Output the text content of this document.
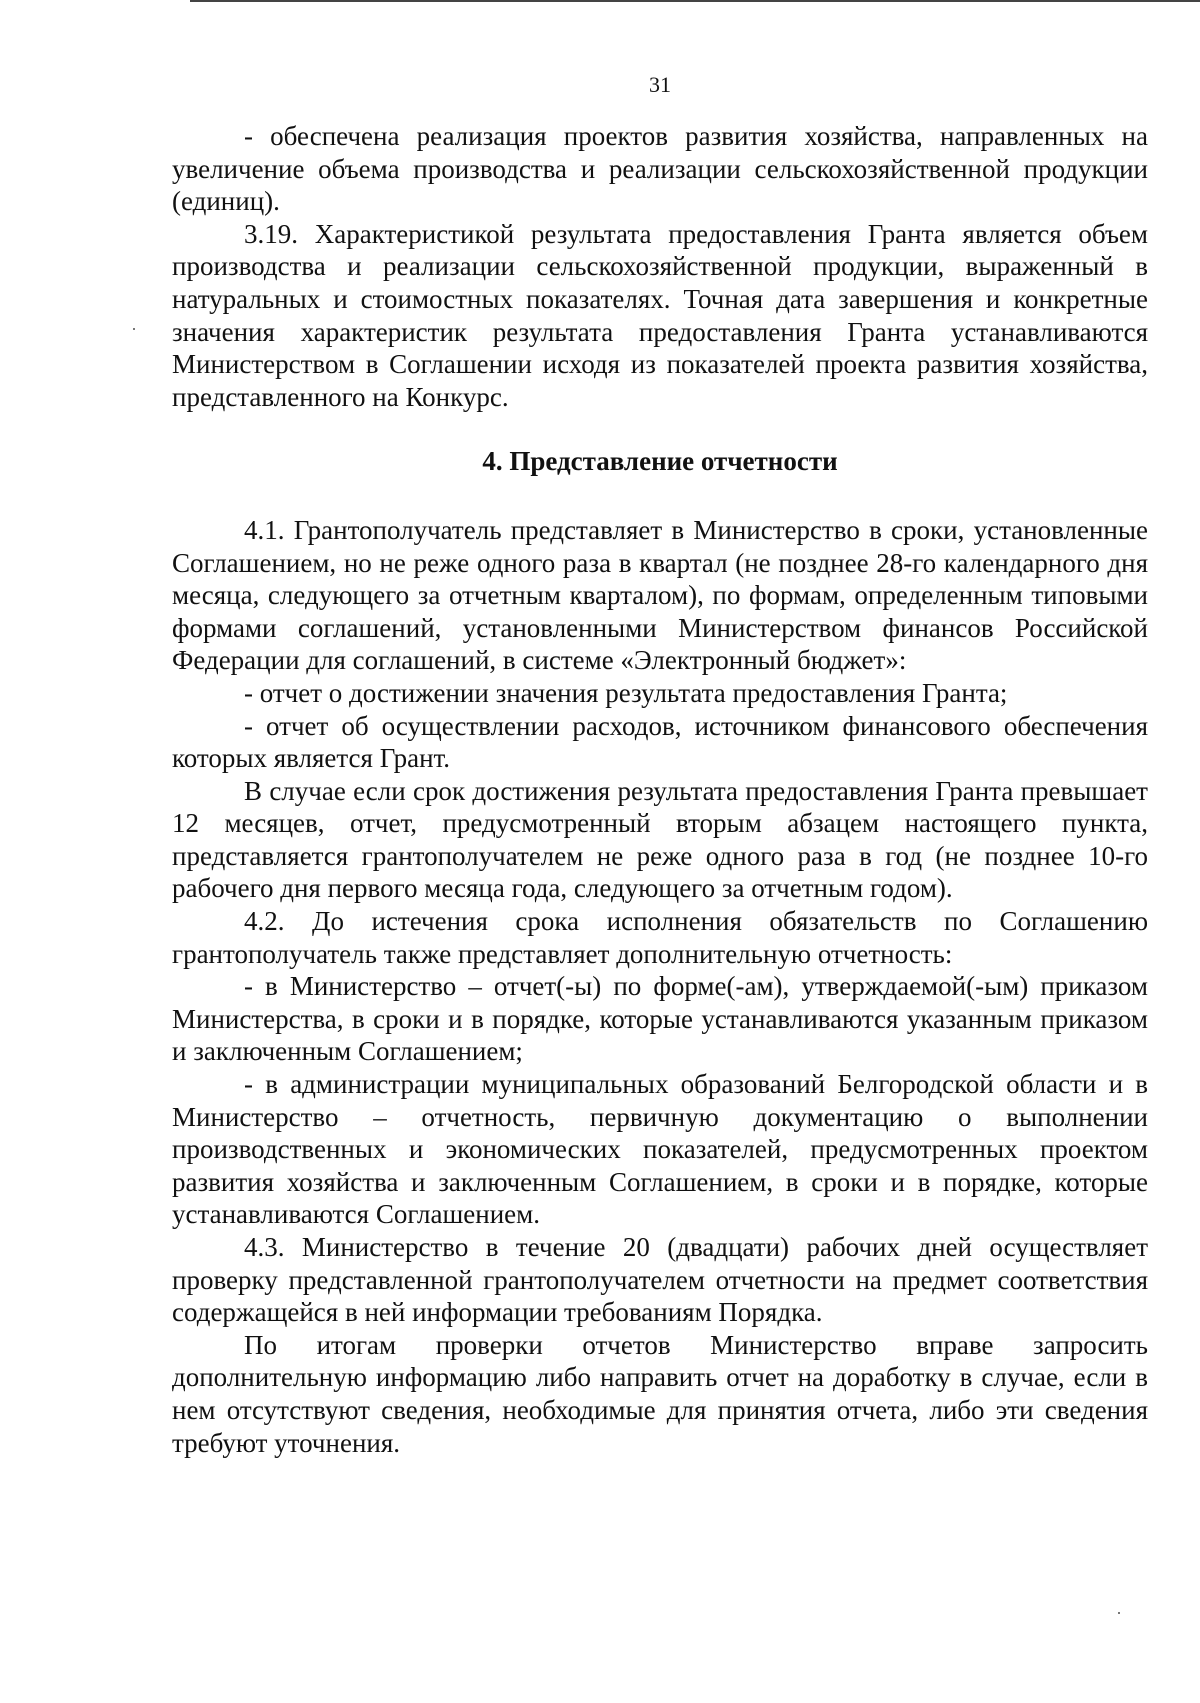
31

- обеспечена реализация проектов развития хозяйства, направленных на увеличение объема производства и реализации сельскохозяйственной продукции (единиц).

3.19. Характеристикой результата предоставления Гранта является объем производства и реализации сельскохозяйственной продукции, выраженный в натуральных и стоимостных показателях. Точная дата завершения и конкретные значения характеристик результата предоставления Гранта устанавливаются Министерством в Соглашении исходя из показателей проекта развития хозяйства, представленного на Конкурс.

4. Представление отчетности

4.1. Грантополучатель представляет в Министерство в сроки, установленные Соглашением, но не реже одного раза в квартал (не позднее 28-го календарного дня месяца, следующего за отчетным кварталом), по формам, определенным типовыми формами соглашений, установленными Министерством финансов Российской Федерации для соглашений, в системе «Электронный бюджет»:

- отчет о достижении значения результата предоставления Гранта;

- отчет об осуществлении расходов, источником финансового обеспечения которых является Грант.

В случае если срок достижения результата предоставления Гранта превышает 12 месяцев, отчет, предусмотренный вторым абзацем настоящего пункта, представляется грантополучателем не реже одного раза в год (не позднее 10-го рабочего дня первого месяца года, следующего за отчетным годом).

4.2. До истечения срока исполнения обязательств по Соглашению грантополучатель также представляет дополнительную отчетность:

- в Министерство – отчет(-ы) по форме(-ам), утверждаемой(-ым) приказом Министерства, в сроки и в порядке, которые устанавливаются указанным приказом и заключенным Соглашением;

- в администрации муниципальных образований Белгородской области и в Министерство – отчетность, первичную документацию о выполнении производственных и экономических показателей, предусмотренных проектом развития хозяйства и заключенным Соглашением, в сроки и в порядке, которые устанавливаются Соглашением.

4.3. Министерство в течение 20 (двадцати) рабочих дней осуществляет проверку представленной грантополучателем отчетности на предмет соответствия содержащейся в ней информации требованиям Порядка.

По итогам проверки отчетов Министерство вправе запросить дополнительную информацию либо направить отчет на доработку в случае, если в нем отсутствуют сведения, необходимые для принятия отчета, либо эти сведения требуют уточнения.
